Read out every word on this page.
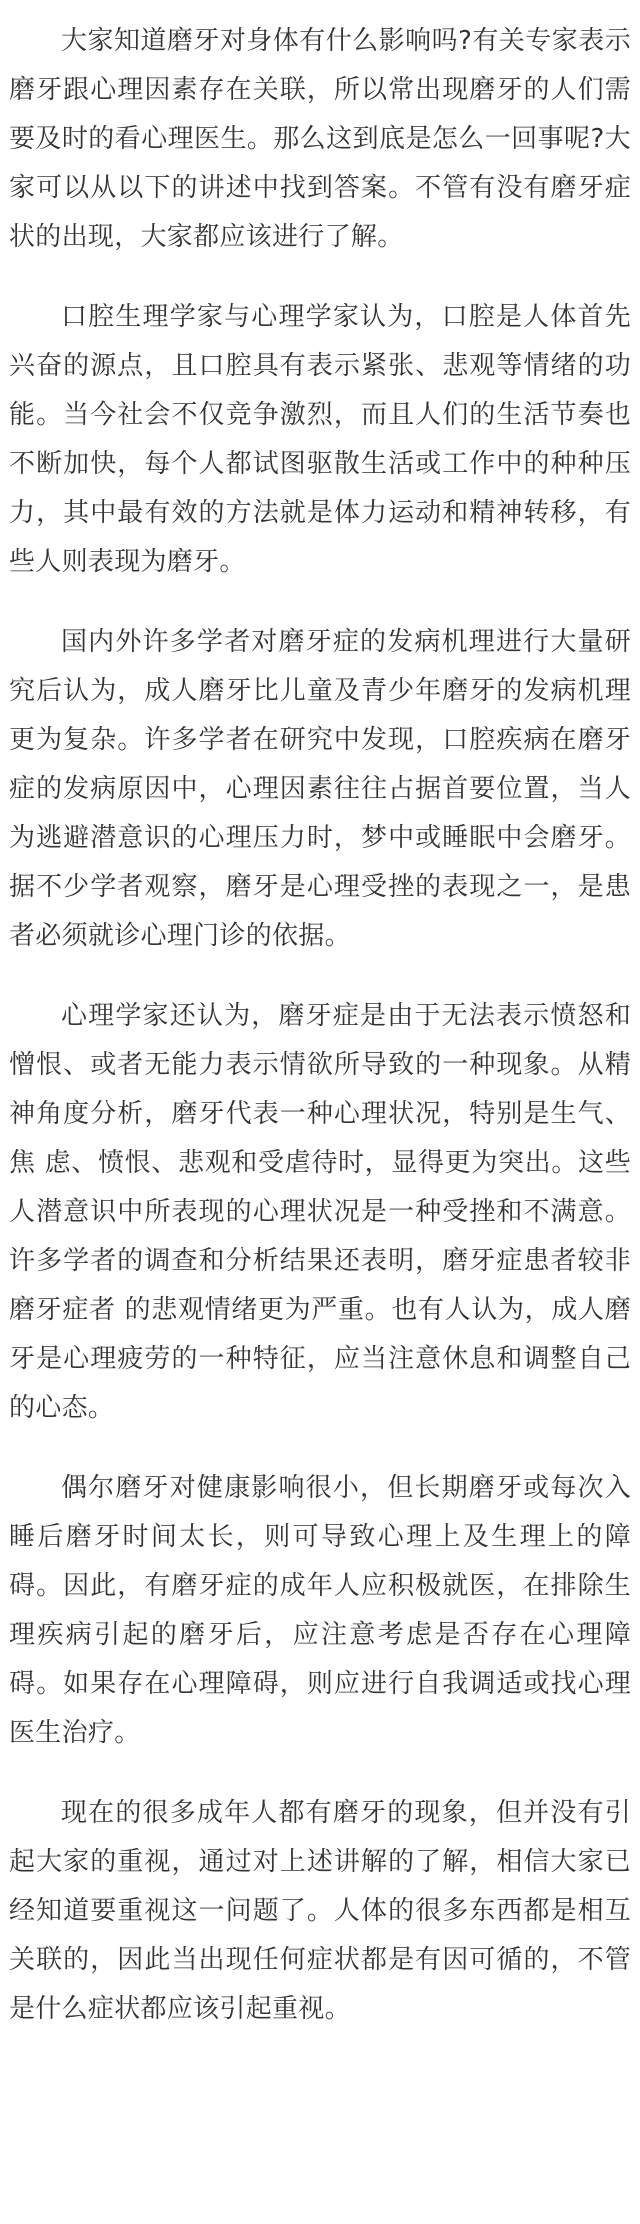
大家知道磨牙对身体有什么影响吗?有关专家表示磨牙跟心理因素存在关联，所以常出现磨牙的人们需要及时的看心理医生。那么这到底是怎么一回事呢?大家可以从以下的讲述中找到答案。不管有没有磨牙症状的出现，大家都应该进行了解。

口腔生理学家与心理学家认为，口腔是人体首先兴奋的源点，且口腔具有表示紧张、悲观等情绪的功能。当今社会不仅竞争激烈，而且人们的生活节奏也不断加快，每个人都试图驱散生活或工作中的种种压力，其中最有效的方法就是体力运动和精神转移，有些人则表现为磨牙。

国内外许多学者对磨牙症的发病机理进行大量研究后认为，成人磨牙比儿童及青少年磨牙的发病机理更为复杂。许多学者在研究中发现，口腔疾病在磨牙症的发病原因中，心理因素往往占据首要位置，当人为逃避潜意识的心理压力时，梦中或睡眠中会磨牙。据不少学者观察，磨牙是心理受挫的表现之一，是患者必须就诊心理门诊的依据。

心理学家还认为，磨牙症是由于无法表示愤怒和憎恨、或者无能力表示情欲所导致的一种现象。从精神角度分析，磨牙代表一种心理状况，特别是生气、焦 虑、愤恨、悲观和受虐待时，显得更为突出。这些人潜意识中所表现的心理状况是一种受挫和不满意。许多学者的调查和分析结果还表明，磨牙症患者较非磨牙症者 的悲观情绪更为严重。也有人认为，成人磨牙是心理疲劳的一种特征，应当注意休息和调整自己的心态。

偶尔磨牙对健康影响很小，但长期磨牙或每次入睡后磨牙时间太长，则可导致心理上及生理上的障碍。因此，有磨牙症的成年人应积极就医，在排除生理疾病引起的磨牙后，应注意考虑是否存在心理障碍。如果存在心理障碍，则应进行自我调适或找心理医生治疗。

现在的很多成年人都有磨牙的现象，但并没有引起大家的重视，通过对上述讲解的了解，相信大家已经知道要重视这一问题了。人体的很多东西都是相互关联的，因此当出现任何症状都是有因可循的，不管是什么症状都应该引起重视。
